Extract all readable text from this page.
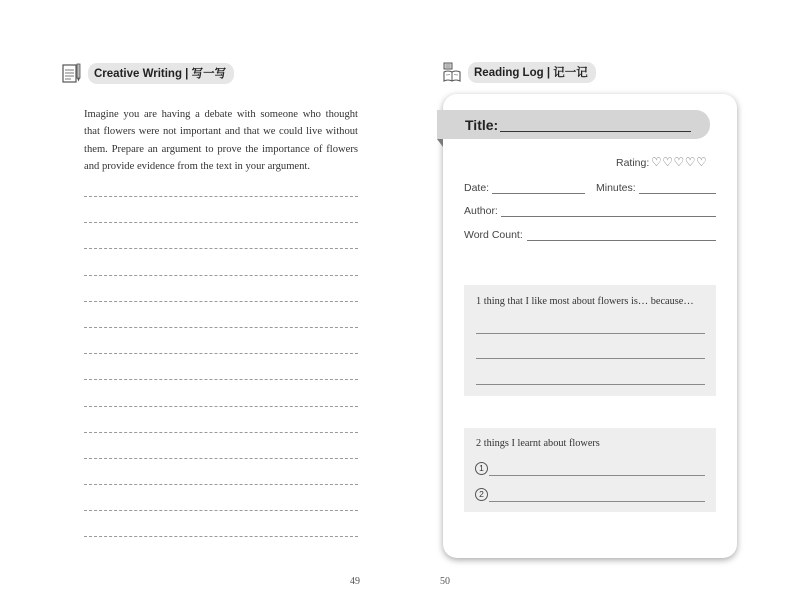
Creative Writing | 写一写
Imagine you are having a debate with someone who thought that flowers were not important and that we could live without them. Prepare an argument to prove the importance of flowers and provide evidence from the text in your argument.
49
Reading Log | 记一记
Title:
Rating: ♡♡♡♡♡
Date:	Minutes:
Author:
Word Count:
1 thing that I like most about flowers is… because…
2 things I learnt about flowers
1
2
50
